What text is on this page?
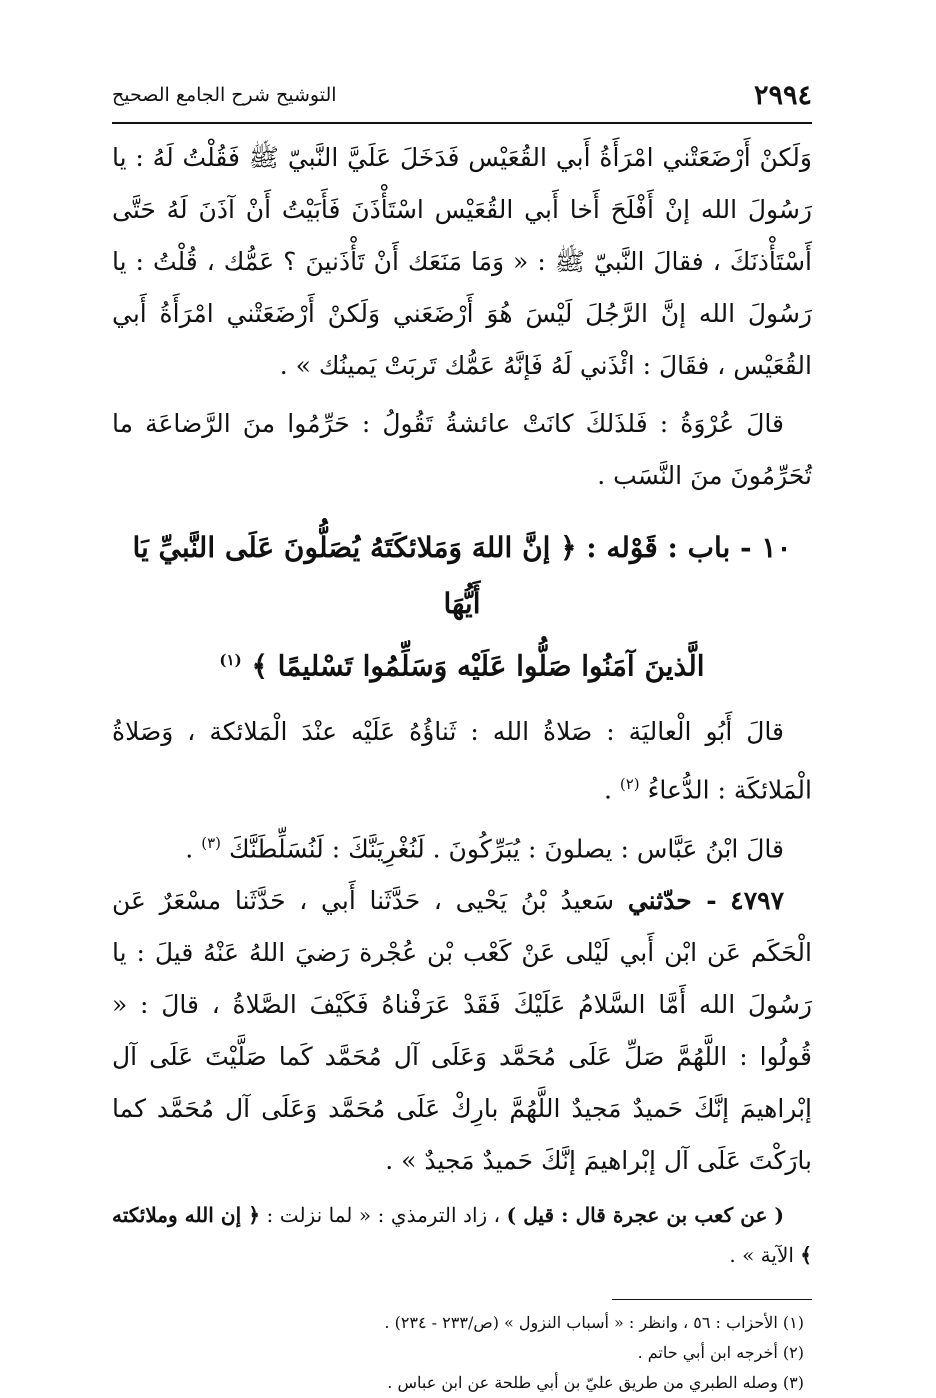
٢٩٩٤
التوشيح شرح الجامع الصحيح

وَلَكنْ أَرْضَعَتْني امْرَأَةُ أَبي القُعَيْس فَدَخَلَ عَلَيَّ النَّبيّ ﷺ فَقُلْتُ لَهُ : يا رَسُولَ الله إنْ أَفْلَحَ أَخا أَبي القُعَيْس اسْتَأْذَنَ فَأَبَيْتُ أَنْ آذَنَ لَهُ حَتَّى أَسْتَأْذنَكَ ، فقالَ النَّبيّ ﷺ : « وَمَا مَنَعَك أَنْ تَأْذَنينَ ؟ عَمُّك ، قُلْتُ : يا رَسُولَ الله إنَّ الرَّجُلَ لَيْسَ هُوَ أَرْضَعَني وَلَكنْ أَرْضَعَتْني امْرَأَةُ أَبي القُعَيْس ، فقَالَ : ائْذَني لَهُ فَإنَّهُ عَمُّك تَربَتْ يَمينُك » .

قالَ عُرْوَةُ : فَلذَلكَ كانَتْ عائشةُ تَقُولُ : حَرِّمُوا منَ الرَّضاعَة ما تُحَرِّمُونَ منَ النَّسَب .

١٠ - باب : قَوْله : ﴿ إنَّ اللهَ وَمَلائكَتَهُ يُصَلُّونَ عَلَى النَّبيِّ يَا أَيُّهَا
الَّذينَ آمَنُوا صَلُّوا عَلَيْه وَسَلِّمُوا تَسْليمًا ﴾ $^{(١)}$

قالَ أَبُو الْعاليَة : صَلاةُ الله : ثَناؤُهُ عَلَيْه عنْدَ الْمَلائكة ، وَصَلاةُ الْمَلائكَة : الدُّعاءُ $^{(٢)}$ .

قالَ ابْنُ عَبَّاس : يصلونَ : يُبَرِّكُونَ . لَنُغْرِيَنَّكَ : لَنُسَلِّطَنَّكَ $^{(٣)}$ .

٤٧٩٧ - حدّثني سَعيدُ بْنُ يَحْيى ، حَدَّثَنا أَبي ، حَدَّثَنا مسْعَرٌ عَن الْحَكَم عَن ابْن أَبي لَيْلى عَنْ كَعْب بْن عُجْرة رَضيَ اللهُ عَنْهُ قيلَ : يا رَسُولَ الله أَمَّا السَّلامُ عَلَيْكَ فَقَدْ عَرَفْناهُ فَكَيْفَ الصَّلاةُ ، قالَ : « قُولُوا : اللَّهُمَّ صَلِّ عَلَى مُحَمَّد وَعَلَى آل مُحَمَّد كَما صَلَّيْتَ عَلَى آل إبْراهيمَ إنَّكَ حَميدٌ مَجيدٌ اللَّهُمَّ بارِكْ عَلَى مُحَمَّد وَعَلَى آل مُحَمَّد كما بارَكْتَ عَلَى آل إبْراهيمَ إنَّكَ حَميدٌ مَجيدٌ » .

( عن كعب بن عجرة قال : قيل ) ، زاد الترمذي : « لما نزلت : ﴿ إن الله وملائكته ﴾ الآية » .

(١) الأحزاب : ٥٦ ، وانظر : « أسباب النزول » (ص/٢٣٣ - ٢٣٤) .

(٢) أخرجه ابن أبي حاتم .

(٣) وصله الطبري من طريق عليّ بن أبي طلحة عن ابن عباس .
